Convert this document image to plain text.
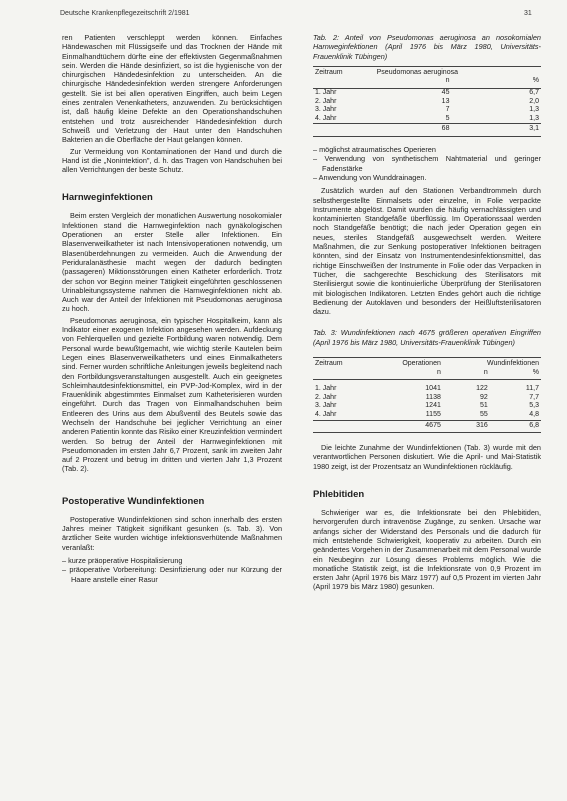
Deutsche Krankenpflegezeitschrift 2/1981	31

ren Patienten verschleppt werden können. Einfaches Händewaschen mit Flüssigseife und das Trocknen der Hände mit Einmalhandtüchern dürfte eine der effektivsten Gegenmaßnahmen sein. Werden die Hände desinfiziert, so ist die hygienische von der chirurgischen Händedesinfektion zu unterscheiden. An die chirurgische Händedesinfektion werden strengere Anforderungen gestellt. Sie ist bei allen operativen Eingriffen, auch beim Legen eines zentralen Venenkatheters, anzuwenden. Zu berücksichtigen ist, daß häufig kleine Defekte an den Operationshandschuhen entstehen und trotz ausreichender Händedesinfektion durch Schweiß und Verletzung der Haut unter den Handschuhen Bakterien an die Oberfläche der Haut gelangen können.

Zur Vermeidung von Kontaminationen der Hand und durch die Hand ist die „Nonintektion", d. h. das Tragen von Handschuhen bei allen Verrichtungen der beste Schutz.

Harnweginfektionen

Beim ersten Vergleich der monatlichen Auswertung nosokomialer Infektionen stand die Harnweginfektion nach gynäkologischen Operationen an erster Stelle aller Infektionen. Ein Blasenverweilkatheter ist nach Intensivoperationen notwendig, um Blasenüberdehnungen zu vermeiden. Auch die Anwendung der Periduralanästhesie macht wegen der dadurch bedingten (passageren) Miktionsstörungen einen Katheter erforderlich. Trotz der schon vor Beginn meiner Tätigkeit eingeführten geschlossenen Urinableitungssysteme nahmen die Harnweginfektionen nicht ab. Auch war der Anteil der Infektionen mit Pseudomonas aeruginosa zu hoch.

Pseudomonas aeruginosa, ein typischer Hospitalkeim, kann als Indikator einer exogenen Infektion angesehen werden. Aufdeckung von Fehlerquellen und gezielte Fortbildung waren notwendig. Dem Personal wurde bewußtgemacht, wie wichtig sterile Kautelen beim Legen eines Blasenverweilkatheters und eines Einmalkatheters sind. Ferner wurden schriftliche Anleitungen jeweils begleitend nach den Fortbildungsveranstaltungen ausgestellt. Auch ein geeignetes Schleimhautdesinfektionsmittel, ein PVP-Jod-Komplex, wird in der Frauenklinik abgestimmtes Einmalset zum Katheterisieren wurden eingeführt. Durch das Tragen von Einmalhandschuhen beim Entleeren des Urins aus dem Abußventil des Beutels sowie das Wechseln der Handschuhe bei jeglicher Verrichtung an einer anderen Patientin konnte das Risiko einer Kreuzinfektion vermindert werden. So betrug der Anteil der Harnweginfektionen mit Pseudomonaden im ersten Jahr 6,7 Prozent, sank im zweiten Jahr auf 2 Prozent und betrug im dritten und vierten Jahr 1,3 Prozent (Tab. 2).

Postoperative Wundinfektionen

Postoperative Wundinfektionen sind schon innerhalb des ersten Jahres meiner Tätigkeit signifikant gesunken (s. Tab. 3). Von ärztlicher Seite wurden wichtige infektionsverhütende Maßnahmen veranlaßt:

– kurze präoperative Hospitalisierung
– präoperative Vorbereitung: Desinfizierung oder nur Kürzung der Haare anstelle einer Rasur

Tab. 2: Anteil von Pseudomonas aeruginosa an nosokomialen Harnweginfektionen (April 1976 bis März 1980, Universitäts-Frauenklinik Tübingen)

Zeitraum	Pseudomonas aeruginosa	
	n	%
1. Jahr	45	6,7
2. Jahr	13	2,0
3. Jahr	7	1,3
4. Jahr	5	1,3
	68	3,1
– möglichst atraumatisches Operieren
– Verwendung von synthetischem Nahtmaterial und geringer Fadenstärke
– Anwendung von Wunddrainagen.

Zusätzlich wurden auf den Stationen Verbandtrommeln durch selbsthergestellte Einmalsets oder einzelne, in Folie verpackte Instrumente abgelöst. Damit wurden die häufig vernachlässigten und kontaminierten Standgefäße überflüssig. Im Operationssaal werden noch Standgefäße benötigt; die nach jeder Operation gegen ein neues, steriles Standgefäß ausgewechselt werden. Weitere Maßnahmen, die zur Senkung postoperativer Infektionen beitragen könnten, sind der Einsatz von Instrumentendesinfektionsmittel, das richtige Einschweißen der Instrumente in Folie oder das Verpacken in Tücher, die sachgerechte Beschickung des Sterilisators mit Sterilisiergut sowie die kontinuierliche Überprüfung der Sterilisatoren mit biologischen Indikatoren. Letzten Endes gehört auch die richtige Bedienung der Autoklaven und besonders der Heißluftsterilisatoren dazu.

Tab. 3: Wundinfektionen nach 4675 größeren operativen Eingriffen (April 1976 bis März 1980, Universitäts-Frauenklinik Tübingen)

Zeitraum	Operationen	Wundinfektionen	
	n	n	%

1. Jahr	1041	122	11,7
2. Jahr	1138	92	7,7
3. Jahr	1241	51	5,3
4. Jahr	1155	55	4,8
	4675	316	6,8

Die leichte Zunahme der Wundinfektionen (Tab. 3) wurde mit den verantwortlichen Personen diskutiert. Wie die April- und Mai-Statistik 1980 zeigt, ist der Prozentsatz an Wundinfektionen rückläufig.

Phlebitiden

Schwieriger war es, die Infektionsrate bei den Phlebitiden, hervorgerufen durch intravenöse Zugänge, zu senken. Ursache war anfangs sicher der Widerstand des Personals und die dadurch für mich entstehende Schwierigkeit, kooperativ zu arbeiten. Durch ein geändertes Vorgehen in der Zusammenarbeit mit dem Personal wurde ein Neubeginn zur Lösung dieses Problems möglich. Wie die monatliche Statistik zeigt, ist die Infektionsrate von 0,9 Prozent im ersten Jahr (April 1976 bis März 1977) auf 0,5 Prozent im vierten Jahr (April 1979 bis März 1980) gesunken.
